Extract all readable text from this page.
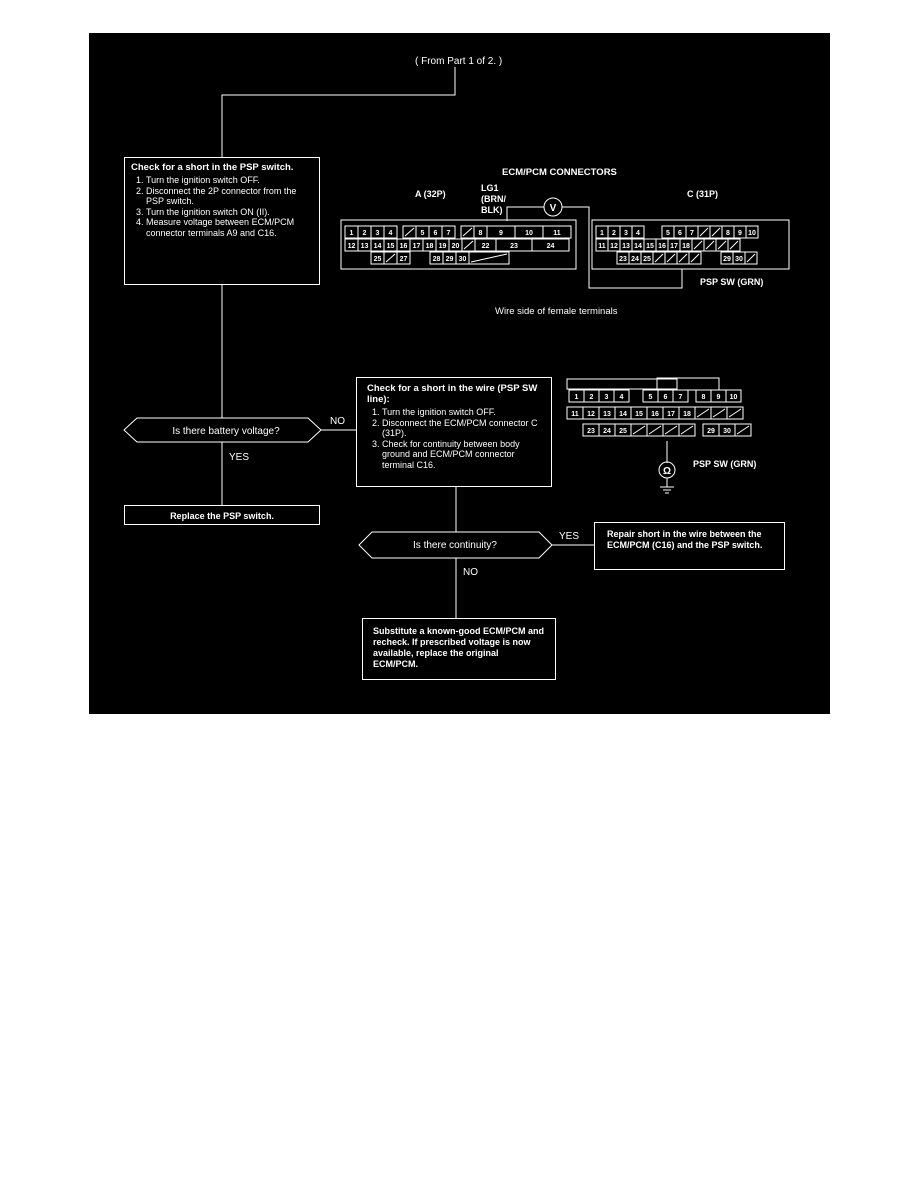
1 2 3 4	5 6 7	8 9	10	11
12 13 14 15 16 17 18 19 20	22	23	24
25	27	28 29 30
1 2 3 4	5 6 7	8 9 10
11 12 13 14 15 16 17 18
23 24 25	29 30
V
1 2 3 4	5 6 7	8 9 10
11 12 13 14 15 16 17 18
23 24 25	29 30
Ω
( From Part 1 of 2. )
Check for a short in the PSP switch.
1. Turn the ignition switch OFF.
2. Disconnect the 2P connector from the PSP switch.
3. Turn the ignition switch ON (II).
4. Measure voltage between ECM/PCM connector terminals A9 and C16.
Is there battery voltage?
YES
NO
Replace the PSP switch.
Check for a short in the wire (PSP SW line):
1. Turn the ignition switch OFF.
2. Disconnect the ECM/PCM connector C (31P).
3. Check for continuity between body ground and ECM/PCM connector terminal C16.
Is there continuity?
YES
NO
Repair short in the wire between the ECM/PCM (C16) and the PSP switch.
Substitute a known-good ECM/PCM and recheck. If prescribed voltage is now available, replace the original ECM/PCM.
ECM/PCM CONNECTORS
A (32P)	C (31P)
LG1
(BRN/
BLK)
PSP SW (GRN)
Wire side of female terminals
PSP SW (GRN)
